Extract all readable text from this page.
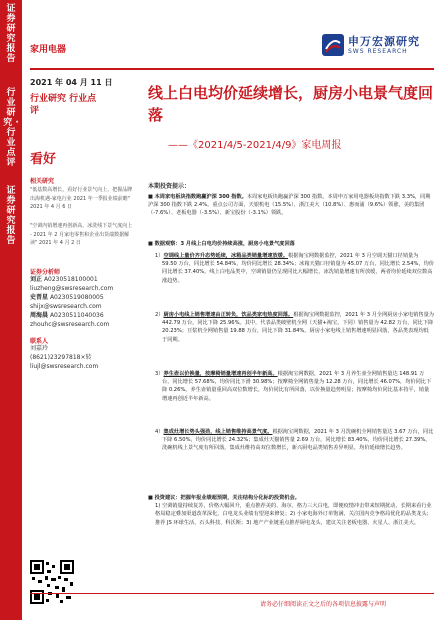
证券研究报告
行业研究 · 行业点评
证券研究报告
家用电器
申万宏源研究
SWS RESEARCH
2021 年 04 月 11 日
行业研究 行业点评
看好
相关研究
"低基数高增长，看好行业景气向上，把握品牌出海机遇-家电行业 2021 年一季报业绩前瞻" 2021 年 4 月 6 日
"空调内销增速再创新高，冰洗线下景气度向上 - 2021 年 2 月家电零售和企业出货端数据解读" 2021 年 4 月 2 日
证券分析师
刘正 A0230518100001
liuzheng@swsresearch.com
史晋星 A0230519080005
shijx@swsresearch.com
周海晨 A0230511040036
zhouhc@swsresearch.com
联系人
刘嘉玲
(8621)23297818×转
liujl@swsresearch.com
线上白电均价延续增长，厨房小电景气度回落
——《2021/4/5-2021/4/9》家电周报
本期投资提示：
■ 本周家电板块指数跑赢沪深 300 指数。本周家电板块跑赢沪深 300 指数。本周申万家用电器板块指数下跌 3.3%，同期沪深 300 指数下跌 2.4%。重点公司方面，天银机电（15.5%）、浙江美大（10.8%）、惠而浦（9.6%）领涨，美的集团（-7.6%）、老板电器（-3.5%）、新宝股份（-3.1%）领跌。
■ 数据观察：3 月线上白电均价持续高涨，厨房小电景气度回落
1）空调线上量价齐升态势延续，冰箱品类销量增速放缓。根据淘宝网数据监控，2021 年 3 月空调天猫口径销量为 59.50 万台，同比增长 54.84%，均价同比增长 28.34%；冰箱天猫口径销量为 45.07 万台，同比增长 2.54%，均价同比增长 37.40%。线上白电品类中，空调销量仍呈现同比大幅增长，冰洗销量增速有所放缓，两者均价延续双位数高涨趋势。
2）厨房小电线上销售增速由正转负，饮品类家电热度回落。根据淘宝网数据监控，2021 年 3 月全网厨房小家电销售量为 442.79 万台，同比下降 25.96%。其中，代表品类破壁机全网（天猫+淘宝，下同）销售量为 42.82 万台，同比下降 20.23%；豆浆机全网销售量 19.88 万台，同比下降 31.84%。厨房小家电线上销售增速明显回落，各品类表现均低于同期。
3）养生壶以价换量，按摩椅销量增速再创半年新高。根据淘宝网数据，2021 年 3 月养生壶全网销售量达 148.91 万台，同比增长 57.68%，均价同比下滑 30.98%；按摩椅全网销售量为 12.28 万台，同比增长 46.07%，均价同比下降 0.26%。养生壶销量重回高双位数增长，均价同比有所回落，以价换量趋势明显；按摩椅均价同比基本持平，销量增速再创近半年新高。
4）集成灶增长势头强劲，线上销售维持高景气度。根据淘宝网数据，2021 年 3 月洗碗机全网销售量达 3.67 万台，同比下降 6.50%，均价同比增长 24.32%；集成灶天猫销售量 2.69 万台，同比增长 83.40%，均价同比增长 27.39%。洗碗机线上景气度有所回落，集成灶维持高双位数增长，新兴厨电品类销售差异明显，均价延续增长趋势。
■ 投资建议：把握年报业绩超预期，关注结构分化标的投资机会。
1) 空调销量持续复苏，价格大幅回升，重点推荐美的、海尔、格力三大白电，即便疫情冲击带来短期扰动，长期来看行业格局稳定叠加渠道改革深化，白电龙头业绩有望迎来修复；2) 小家电海外订单饱满，关注国内竞争格局优化的品类龙头；推荐 JS 环球生活、石头科技、科沃斯；3) 地产产业链重点推荐厨电龙头，建议关注老板电器、火星人、浙江美大。
请务必仔细阅读正文之后的各项信息披露与声明
